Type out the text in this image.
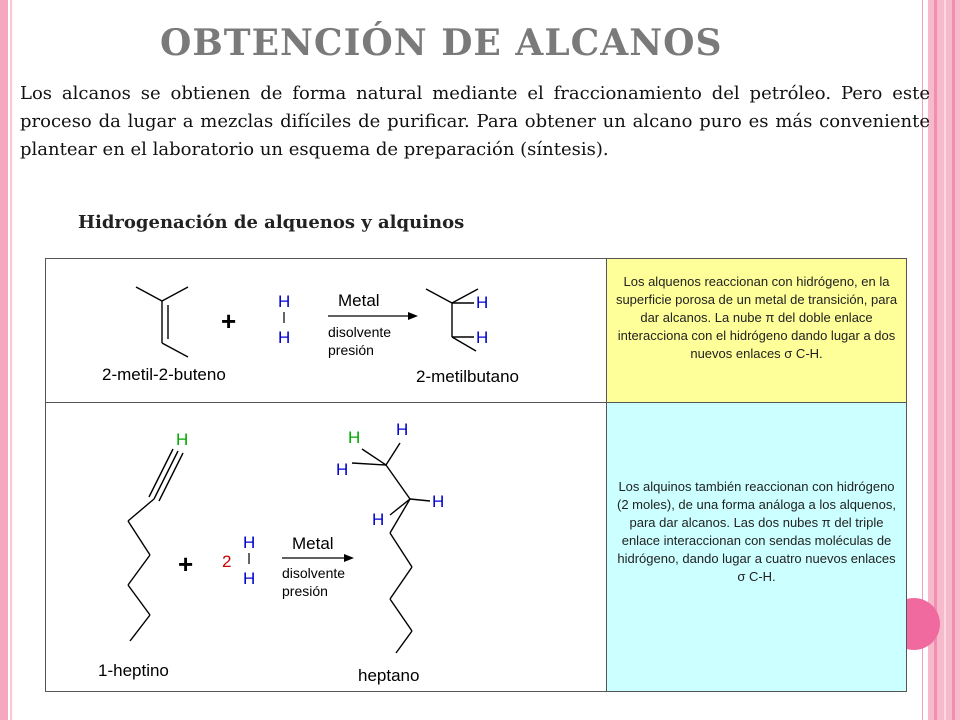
OBTENCIÓN DE ALCANOS
Los alcanos se obtienen de forma natural mediante el fraccionamiento del petróleo. Pero este proceso da lugar a mezclas difíciles de purificar. Para obtener un alcano puro es más conveniente plantear en el laboratorio un esquema de preparación (síntesis).
Hidrogenación de alquenos y alquinos
2-metil-2-buteno
+
H
H
Metal
disolvente
presión
H
H
2-metilbutano
H
1-heptino
+ 2
H
H
Metal
disolvente
presión
H
H
H
H
H
heptano
Los alquenos reaccionan con hidrógeno, en la superficie porosa de un metal de transición, para dar alcanos. La nube π del doble enlace interacciona con el hidrógeno dando lugar a dos nuevos enlaces σ C-H.
Los alquinos también reaccionan con hidrógeno (2 moles), de una forma análoga a los alquenos, para dar alcanos. Las dos nubes π del triple enlace interaccionan con sendas moléculas de hidrógeno, dando lugar a cuatro nuevos enlaces σ C-H.
